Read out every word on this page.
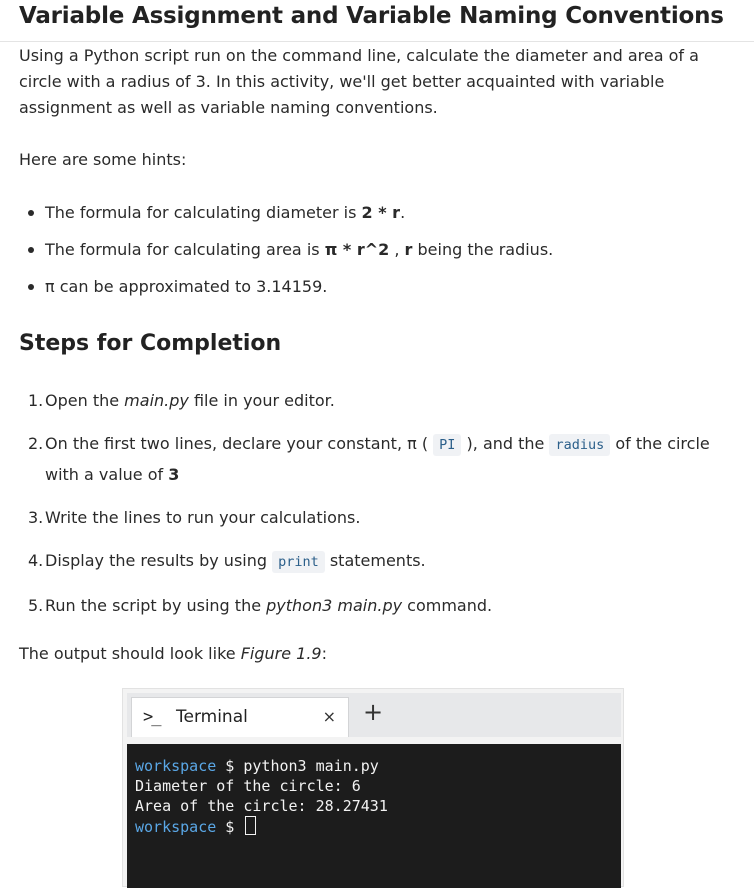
Variable Assignment and Variable Naming Conventions

Using a Python script run on the command line, calculate the diameter and area of a circle with a radius of 3. In this activity, we'll get better acquainted with variable assignment as well as variable naming conventions.

Here are some hints:

The formula for calculating diameter is 2 * r.
The formula for calculating area is π * r^2 , r being the radius.
π can be approximated to 3.14159.
Steps for Completion
1. Open the main.py file in your editor.
2. On the first two lines, declare your constant, π ( PI ), and the radius of the circle with a value of 3
3. Write the lines to run your calculations.
4. Display the results by using print statements.
5. Run the script by using the python3 main.py command.

The output should look like Figure 1.9:

>_ Terminal	× +
workspace $ python3 main.py
Diameter of the circle: 6
Area of the circle: 28.27431
workspace $
